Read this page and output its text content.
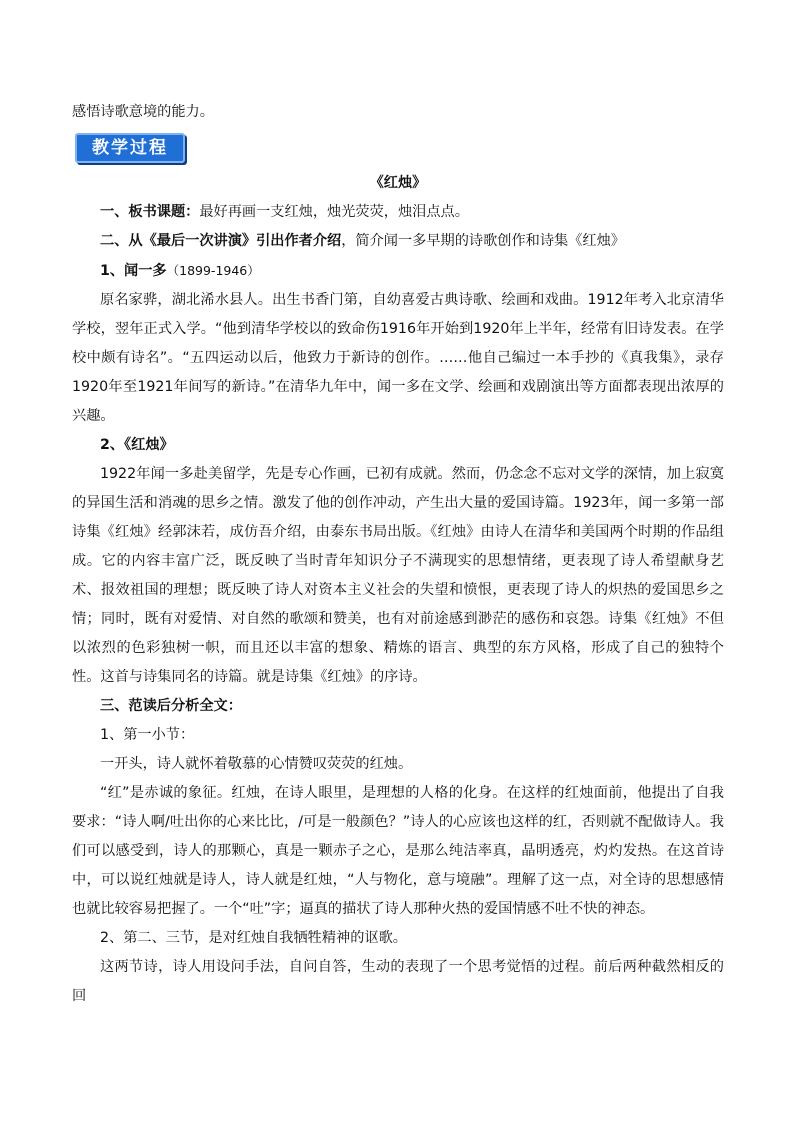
感悟诗歌意境的能力。

教学过程

《红烛》

一、板书课题：最好再画一支红烛，烛光荧荧，烛泪点点。

二、从《最后一次讲演》引出作者介绍，简介闻一多早期的诗歌创作和诗集《红烛》

1、闻一多（1899-1946）

原名家骅，湖北浠水县人。出生书香门第，自幼喜爱古典诗歌、绘画和戏曲。1912年考入北京清华学校，翌年正式入学。“他到清华学校以的致命伤1916年开始到1920年上半年，经常有旧诗发表。在学校中颇有诗名”。“五四运动以后，他致力于新诗的创作。……他自己编过一本手抄的《真我集》，录存1920年至1921年间写的新诗。”在清华九年中，闻一多在文学、绘画和戏剧演出等方面都表现出浓厚的兴趣。

2、《红烛》

1922年闻一多赴美留学，先是专心作画，已初有成就。然而，仍念念不忘对文学的深情，加上寂寞的异国生活和消魂的思乡之情。激发了他的创作冲动，产生出大量的爱国诗篇。1923年，闻一多第一部诗集《红烛》经郭沫若，成仿吾介绍，由泰东书局出版。《红烛》由诗人在清华和美国两个时期的作品组成。它的内容丰富广泛，既反映了当时青年知识分子不满现实的思想情绪，更表现了诗人希望献身艺术、报效祖国的理想；既反映了诗人对资本主义社会的失望和愤恨，更表现了诗人的炽热的爱国思乡之情；同时，既有对爱情、对自然的歌颂和赞美，也有对前途感到渺茫的感伤和哀怨。诗集《红烛》不但以浓烈的色彩独树一帜，而且还以丰富的想象、精炼的语言、典型的东方风格，形成了自己的独特个性。这首与诗集同名的诗篇。就是诗集《红烛》的序诗。

三、范读后分析全文：

1、第一小节：

一开头，诗人就怀着敬慕的心情赞叹荧荧的红烛。

“红”是赤诚的象征。红烛，在诗人眼里，是理想的人格的化身。在这样的红烛面前，他提出了自我要求：“诗人啊/吐出你的心来比比，/可是一般颜色？”诗人的心应该也这样的红，否则就不配做诗人。我们可以感受到，诗人的那颗心，真是一颗赤子之心，是那么纯洁率真，晶明透亮，灼灼发热。在这首诗中，可以说红烛就是诗人，诗人就是红烛，“人与物化，意与境融”。理解了这一点，对全诗的思想感情也就比较容易把握了。一个“吐”字；逼真的描状了诗人那种火热的爱国情感不吐不快的神态。

2、第二、三节，是对红烛自我牺牲精神的讴歌。

这两节诗，诗人用设问手法，自问自答，生动的表现了一个思考觉悟的过程。前后两种截然相反的回
